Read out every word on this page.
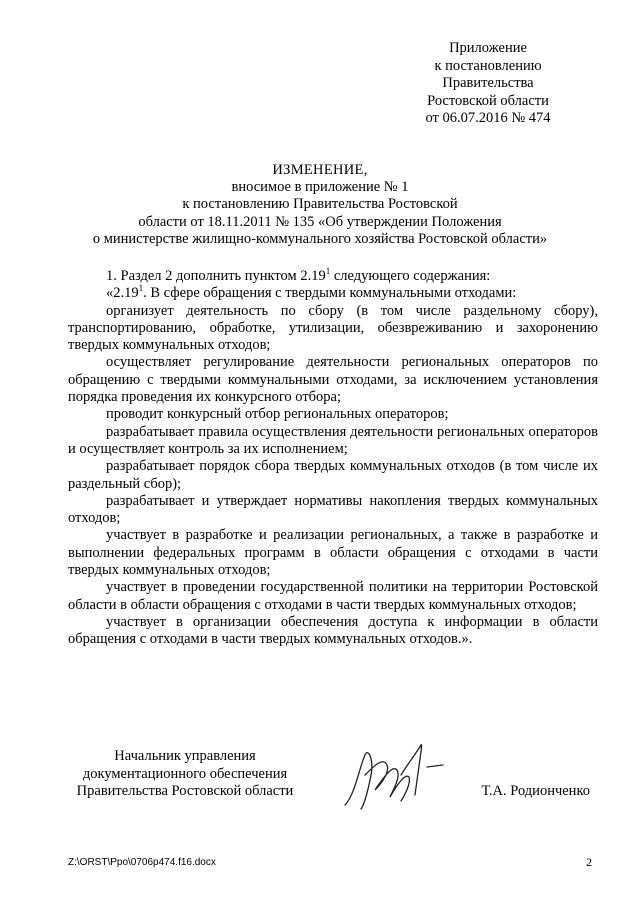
Приложение
к постановлению
Правительства
Ростовской области
от 06.07.2016 № 474
ИЗМЕНЕНИЕ,
вносимое в приложение № 1
к постановлению Правительства Ростовской
области от 18.11.2011 № 135 «Об утверждении Положения
о министерстве жилищно-коммунального хозяйства Ростовской области»

1. Раздел 2 дополнить пунктом 2.19$^1$ следующего содержания:

«2.19$^1$. В сфере обращения с твердыми коммунальными отходами:

организует деятельность по сбору (в том числе раздельному сбору), транспортированию, обработке, утилизации, обезвреживанию и захоронению твердых коммунальных отходов;

осуществляет регулирование деятельности региональных операторов по обращению с твердыми коммунальными отходами, за исключением установления порядка проведения их конкурсного отбора;

проводит конкурсный отбор региональных операторов;

разрабатывает правила осуществления деятельности региональных операторов и осуществляет контроль за их исполнением;

разрабатывает порядок сбора твердых коммунальных отходов (в том числе их раздельный сбор);

разрабатывает и утверждает нормативы накопления твердых коммунальных отходов;

участвует в разработке и реализации региональных, а также в разработке и выполнении федеральных программ в области обращения с отходами в части твердых коммунальных отходов;

участвует в проведении государственной политики на территории Ростовской области в области обращения с отходами в части твердых коммунальных отходов;

участвует в организации обеспечения доступа к информации в области обращения с отходами в части твердых коммунальных отходов.».

Начальник управления
документационного обеспечения
Правительства Ростовской области	Т.А. Родионченко
Z:\ORST\Ppo\0706p474.f16.docx	2
